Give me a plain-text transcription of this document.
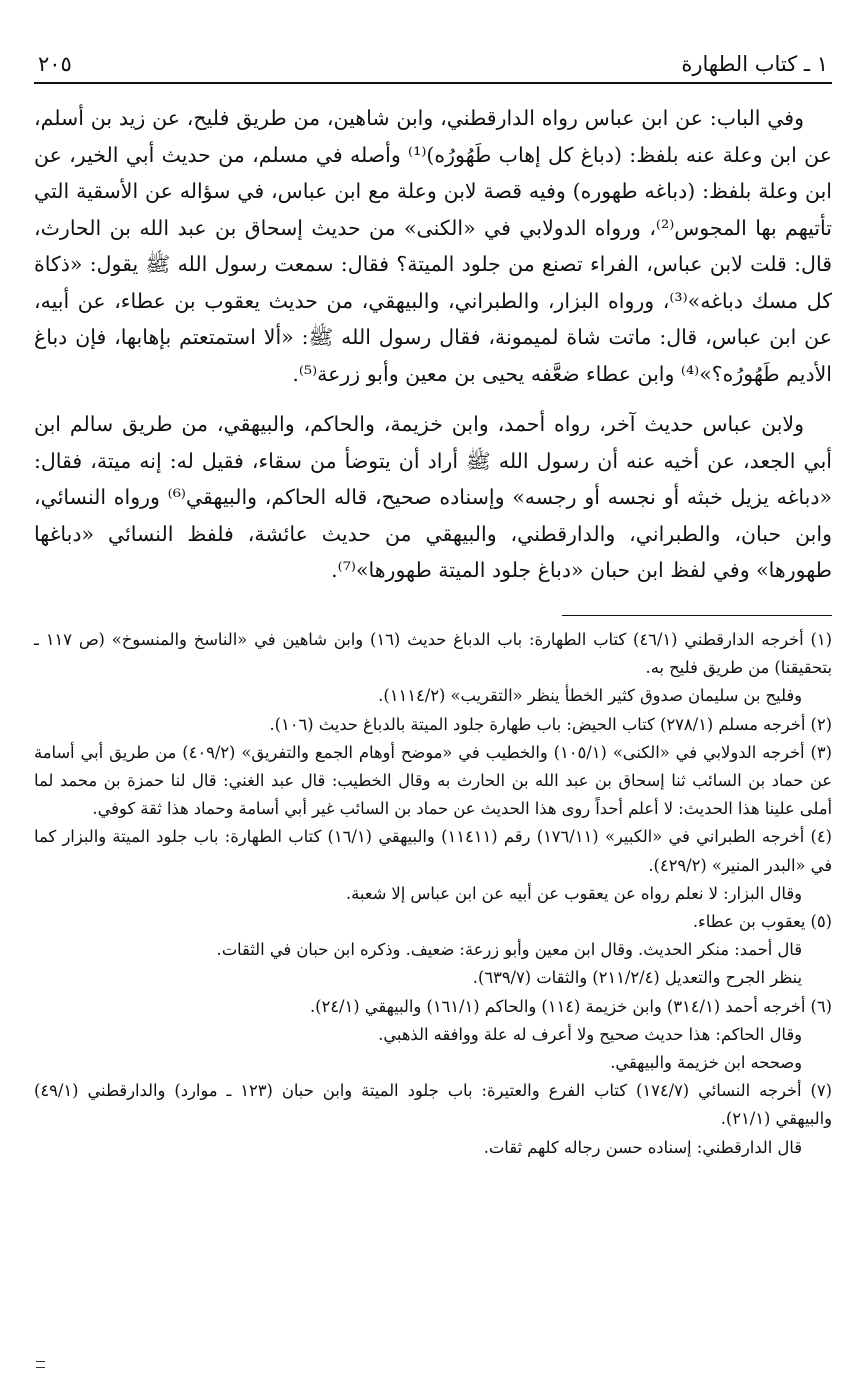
١ ـ كتاب الطهارة
٢٠٥

وفي الباب: عن ابن عباس رواه الدارقطني، وابن شاهين، من طريق فليح، عن زيد بن أسلم، عن ابن وعلة عنه بلفظ: (دباغ كل إهاب طَهُورُه)⁽¹⁾ وأصله في مسلم، من حديث أبي الخير، عن ابن وعلة بلفظ: (دباغه طهوره) وفيه قصة لابن وعلة مع ابن عباس، في سؤاله عن الأسقية التي تأتيهم بها المجوس⁽²⁾، ورواه الدولابي في «الكنى» من حديث إسحاق بن عبد الله بن الحارث، قال: قلت لابن عباس، الفراء تصنع من جلود الميتة؟ فقال: سمعت رسول الله ﷺ يقول: «ذكاة كل مسك دباغه»⁽³⁾، ورواه البزار، والطبراني، والبيهقي، من حديث يعقوب بن عطاء، عن أبيه، عن ابن عباس، قال: ماتت شاة لميمونة، فقال رسول الله ﷺ: «ألا استمتعتم بإهابها، فإن دباغ الأديم طَهُورُه؟»⁽⁴⁾ وابن عطاء ضعَّفه يحيى بن معين وأبو زرعة⁽⁵⁾.

ولابن عباس حديث آخر، رواه أحمد، وابن خزيمة، والحاكم، والبيهقي، من طريق سالم ابن أبي الجعد، عن أخيه عنه أن رسول الله ﷺ أراد أن يتوضأ من سقاء، فقيل له: إنه ميتة، فقال: «دباغه يزيل خبثه أو نجسه أو رجسه» وإسناده صحيح، قاله الحاكم، والبيهقي⁽⁶⁾ ورواه النسائي، وابن حبان، والطبراني، والدارقطني، والبيهقي من حديث عائشة، فلفظ النسائي «دباغها طهورها» وفي لفظ ابن حبان «دباغ جلود الميتة طهورها»⁽⁷⁾.

(١) أخرجه الدارقطني (٤٦/١) كتاب الطهارة: باب الدباغ حديث (١٦) وابن شاهين في «الناسخ والمنسوخ» (ص ١١٧ ـ بتحقيقنا) من طريق فليح به.
وفليح بن سليمان صدوق كثير الخطأ ينظر «التقريب» (١١١٤/٢).
(٢) أخرجه مسلم (٢٧٨/١) كتاب الحيض: باب طهارة جلود الميتة بالدباغ حديث (١٠٦).
(٣) أخرجه الدولابي في «الكنى» (١٠٥/١) والخطيب في «موضح أوهام الجمع والتفريق» (٤٠٩/٢) من طريق أبي أسامة عن حماد بن السائب ثنا إسحاق بن عبد الله بن الحارث به وقال الخطيب: قال عبد الغني: قال لنا حمزة بن محمد لما أملى علينا هذا الحديث: لا أعلم أحداً روى هذا الحديث عن حماد بن السائب غير أبي أسامة وحماد هذا ثقة كوفي.
(٤) أخرجه الطبراني في «الكبير» (١٧٦/١١) رقم (١١٤١١) والبيهقي (١٦/١) كتاب الطهارة: باب جلود الميتة والبزار كما في «البدر المنير» (٤٢٩/٢).
وقال البزار: لا نعلم رواه عن يعقوب عن أبيه عن ابن عباس إلا شعبة.
(٥) يعقوب بن عطاء.
قال أحمد: منكر الحديث. وقال ابن معين وأبو زرعة: ضعيف. وذكره ابن حبان في الثقات.
ينظر الجرح والتعديل (٢١١/٢/٤) والثقات (٦٣٩/٧).
(٦) أخرجه أحمد (٣١٤/١) وابن خزيمة (١١٤) والحاكم (١٦١/١) والبيهقي (٢٤/١).
وقال الحاكم: هذا حديث صحيح ولا أعرف له علة ووافقه الذهبي.
وصححه ابن خزيمة والبيهقي.
(٧) أخرجه النسائي (١٧٤/٧) كتاب الفرع والعتيرة: باب جلود الميتة وابن حبان (١٢٣ ـ موارد) والدارقطني (٤٩/١) والبيهقي (٢١/١).
قال الدارقطني: إسناده حسن رجاله كلهم ثقات.
